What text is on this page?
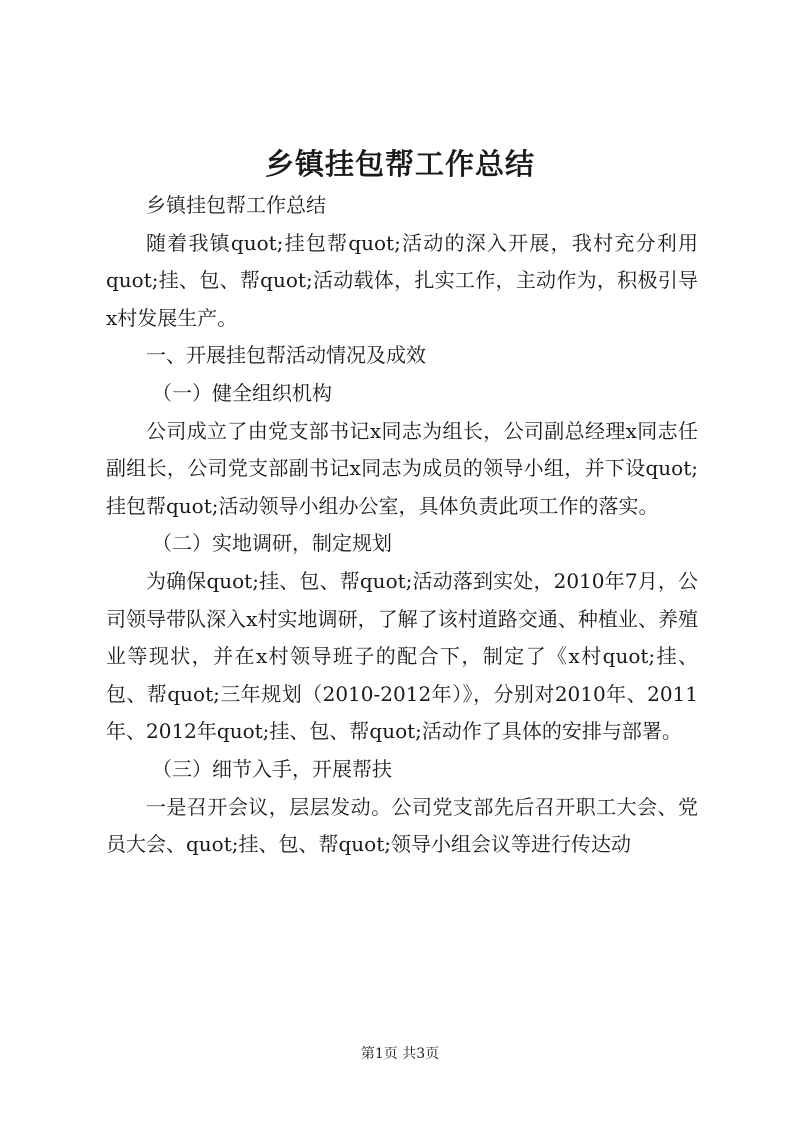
乡镇挂包帮工作总结

乡镇挂包帮工作总结

随着我镇quot;挂包帮quot;活动的深入开展，我村充分利用quot;挂、包、帮quot;活动载体，扎实工作，主动作为，积极引导x村发展生产。

一、开展挂包帮活动情况及成效

（一）健全组织机构

公司成立了由党支部书记x同志为组长，公司副总经理x同志任副组长，公司党支部副书记x同志为成员的领导小组，并下设quot;挂包帮quot;活动领导小组办公室，具体负责此项工作的落实。

（二）实地调研，制定规划

为确保quot;挂、包、帮quot;活动落到实处，2010年7月，公司领导带队深入x村实地调研，了解了该村道路交通、种植业、养殖业等现状，并在x村领导班子的配合下，制定了《x村quot;挂、包、帮quot;三年规划（2010-2012年）》，分别对2010年、2011年、2012年quot;挂、包、帮quot;活动作了具体的安排与部署。

（三）细节入手，开展帮扶

一是召开会议，层层发动。公司党支部先后召开职工大会、党员大会、quot;挂、包、帮quot;领导小组会议等进行传达动

第1页 共3页
